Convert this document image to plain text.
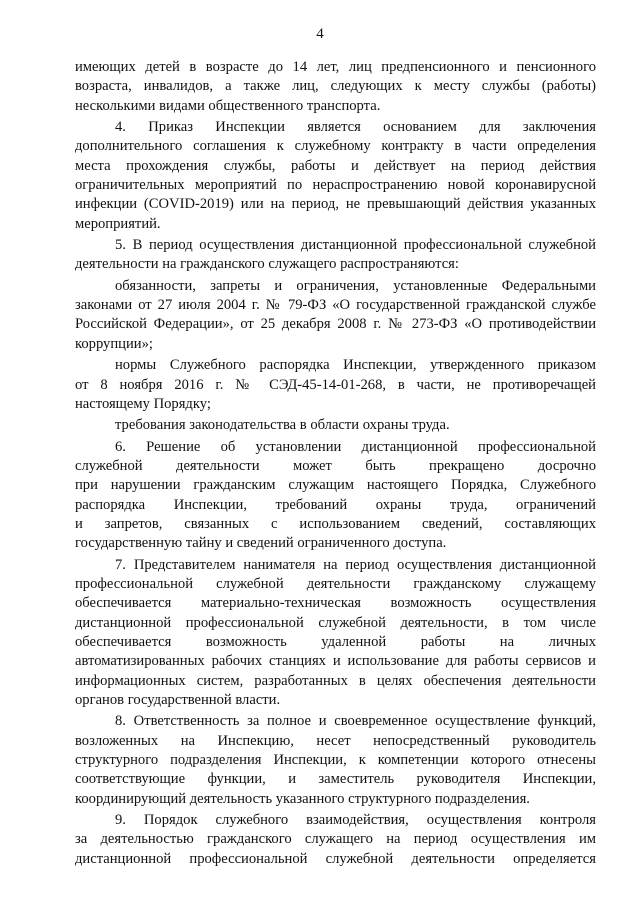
4

имеющих детей в возрасте до 14 лет, лиц предпенсионного и пенсионного

возраста, инвалидов, а также лиц, следующих к месту службы (работы)

несколькими видами общественного транспорта.

4. Приказ Инспекции является основанием для заключения

дополнительного соглашения к служебному контракту в части определения

места прохождения службы, работы и действует на период действия

ограничительных мероприятий по нераспространению новой коронавирусной

инфекции (COVID-2019) или на период, не превышающий действия указанных

мероприятий.

5. В период осуществления дистанционной профессиональной служебной

деятельности на гражданского служащего распространяются:

обязанности, запреты и ограничения, установленные Федеральными

законами от 27 июля 2004 г. № 79-ФЗ «О государственной гражданской службе

Российской Федерации», от 25 декабря 2008 г. № 273-ФЗ «О противодействии

коррупции»;

нормы Служебного распорядка Инспекции, утвержденного приказом

от 8 ноября 2016 г. № СЭД-45-14-01-268, в части, не противоречащей

настоящему Порядку;

требования законодательства в области охраны труда.

6. Решение об установлении дистанционной профессиональной

служебной деятельности может быть прекращено досрочно

при нарушении гражданским служащим настоящего Порядка, Служебного

распорядка Инспекции, требований охраны труда, ограничений

и запретов, связанных с использованием сведений, составляющих

государственную тайну и сведений ограниченного доступа.

7. Представителем нанимателя на период осуществления дистанционной

профессиональной служебной деятельности гражданскому служащему

обеспечивается материально-техническая возможность осуществления

дистанционной профессиональной служебной деятельности, в том числе

обеспечивается возможность удаленной работы на личных

автоматизированных рабочих станциях и использование для работы сервисов и

информационных систем, разработанных в целях обеспечения деятельности

органов государственной власти.

8. Ответственность за полное и своевременное осуществление функций,

возложенных на Инспекцию, несет непосредственный руководитель

структурного подразделения Инспекции, к компетенции которого отнесены

соответствующие функции, и заместитель руководителя Инспекции,

координирующий деятельность указанного структурного подразделения.

9. Порядок служебного взаимодействия, осуществления контроля

за деятельностью гражданского служащего на период осуществления им

дистанционной профессиональной служебной деятельности определяется
